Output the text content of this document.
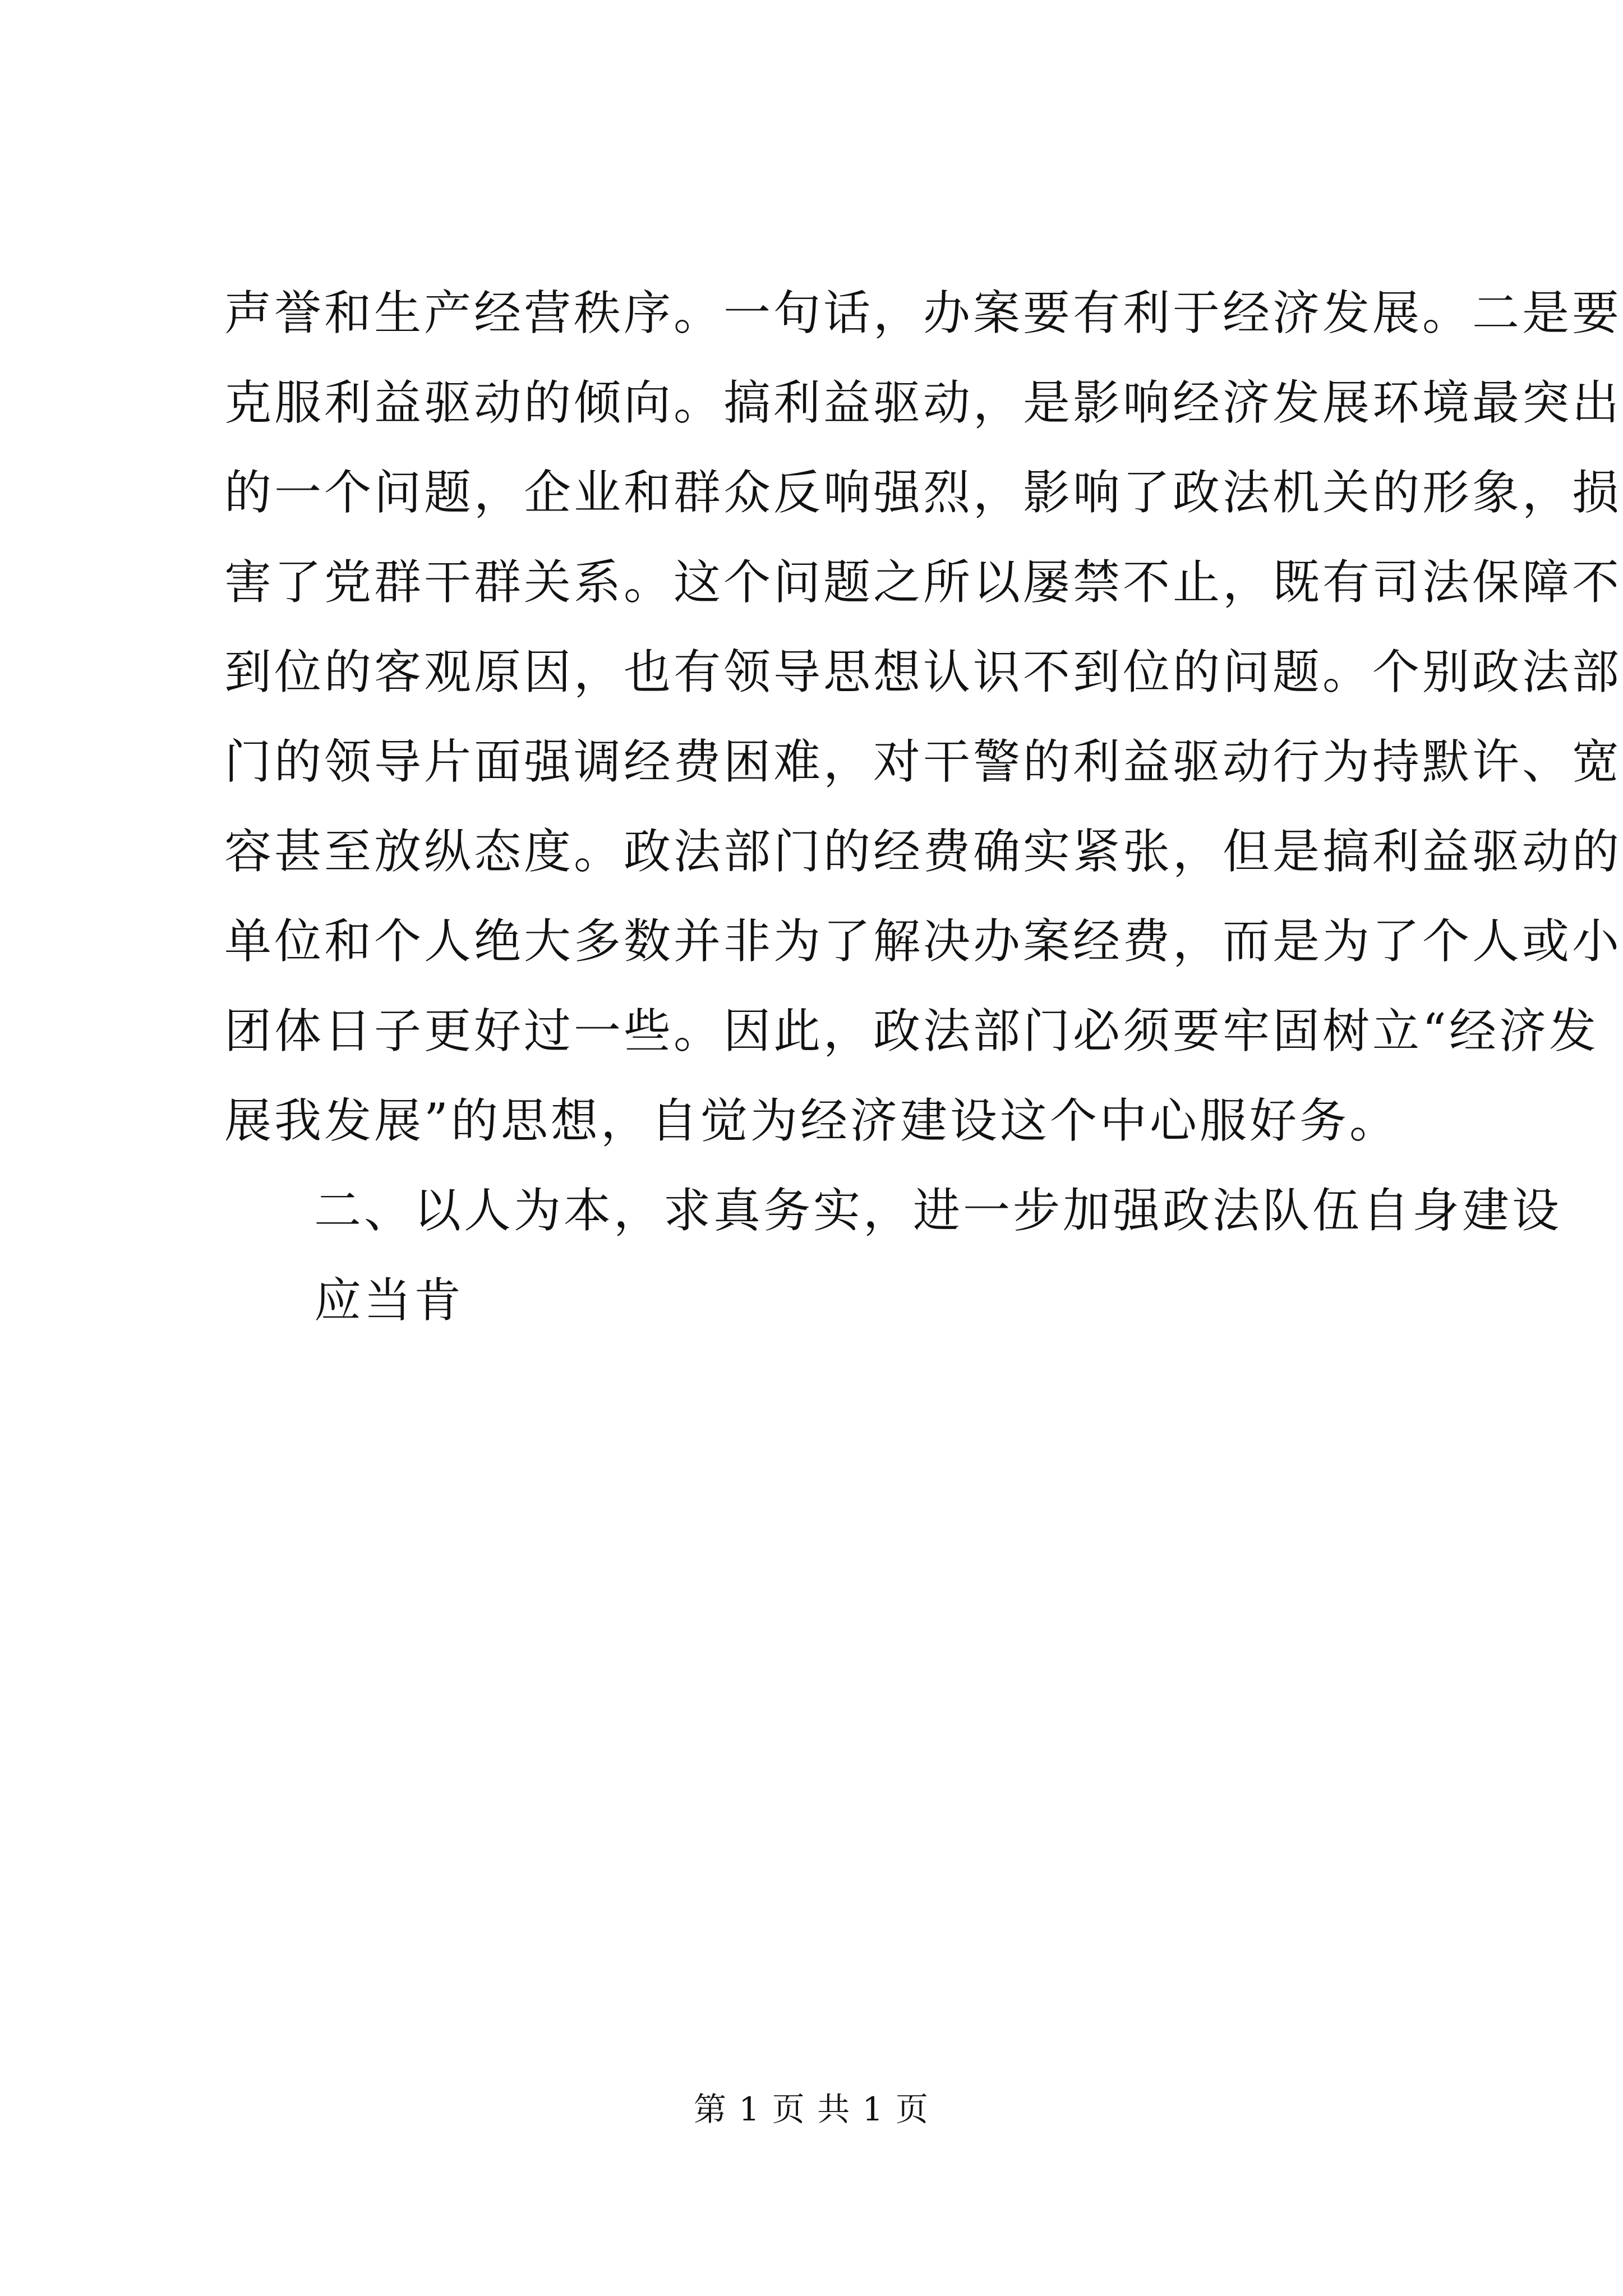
声誉和生产经营秩序。一句话，办案要有利于经济发展。二是要
克服利益驱动的倾向。搞利益驱动，是影响经济发展环境最突出
的一个问题，企业和群众反响强烈，影响了政法机关的形象，损
害了党群干群关系。这个问题之所以屡禁不止，既有司法保障不
到位的客观原因，也有领导思想认识不到位的问题。个别政法部
门的领导片面强调经费困难，对干警的利益驱动行为持默许、宽
容甚至放纵态度。政法部门的经费确实紧张，但是搞利益驱动的
单位和个人绝大多数并非为了解决办案经费，而是为了个人或小
团体日子更好过一些。因此，政法部门必须要牢固树立“经济发
展我发展”的思想，自觉为经济建设这个中心服好务。
二、以人为本，求真务实，进一步加强政法队伍自身建设
应当肯
第 1 页 共 1 页
